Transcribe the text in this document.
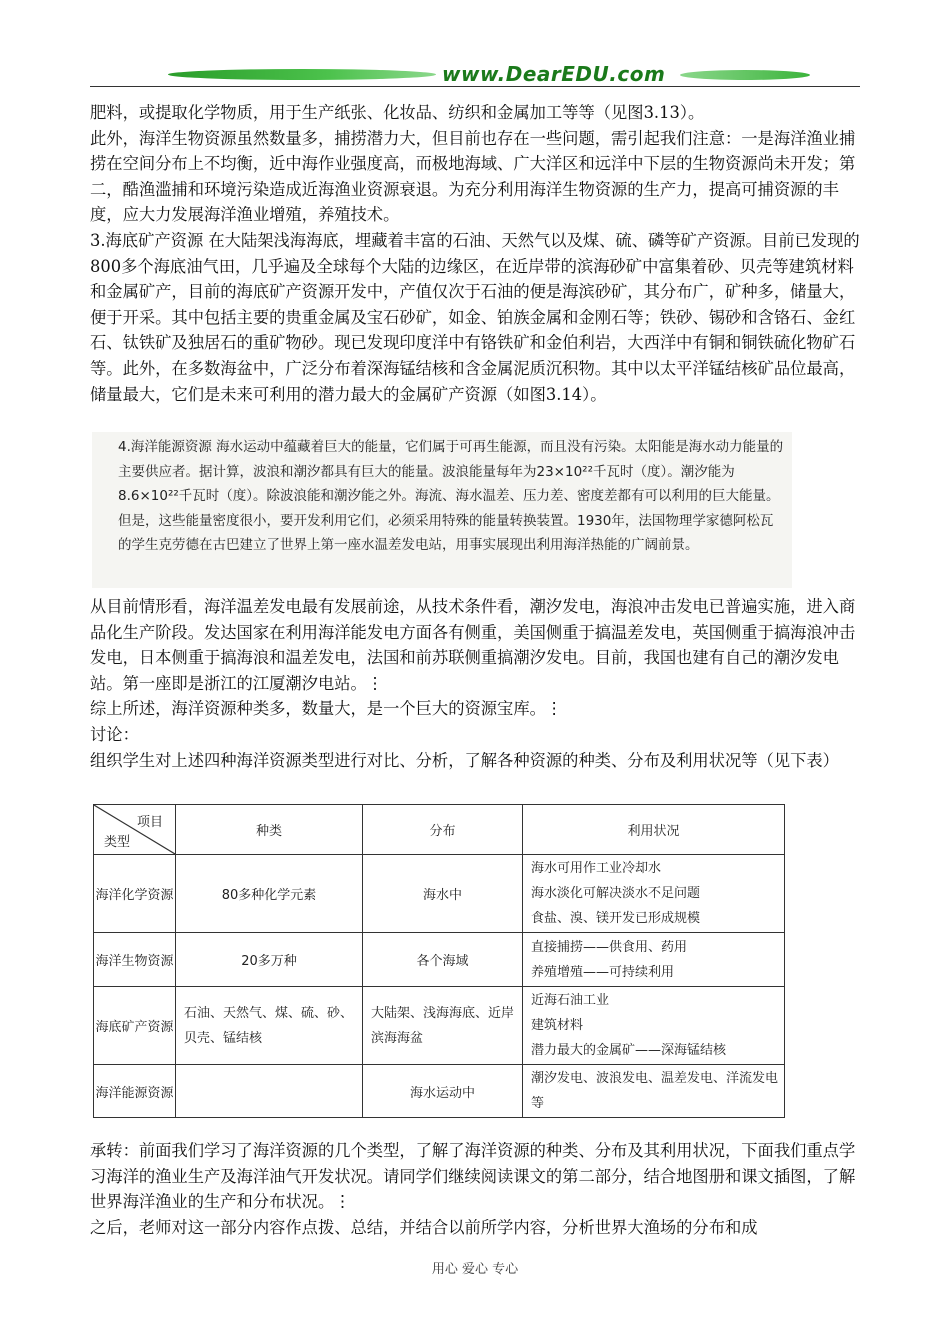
www.DearEDU.com

肥料，或提取化学物质，用于生产纸张、化妆品、纺织和金属加工等等（见图3.13）。

此外，海洋生物资源虽然数量多，捕捞潜力大，但目前也存在一些问题，需引起我们注意：一是海洋渔业捕捞在空间分布上不均衡，近中海作业强度高，而极地海域、广大洋区和远洋中下层的生物资源尚未开发；第二，酷渔滥捕和环境污染造成近海渔业资源衰退。为充分利用海洋生物资源的生产力，提高可捕资源的丰度，应大力发展海洋渔业增殖，养殖技术。

3.海底矿产资源 在大陆架浅海海底，埋藏着丰富的石油、天然气以及煤、硫、磷等矿产资源。目前已发现的800多个海底油气田，几乎遍及全球每个大陆的边缘区，在近岸带的滨海砂矿中富集着砂、贝壳等建筑材料和金属矿产，目前的海底矿产资源开发中，产值仅次于石油的便是海滨砂矿，其分布广，矿种多，储量大，便于开采。其中包括主要的贵重金属及宝石砂矿，如金、铂族金属和金刚石等；铁砂、锡砂和含铬石、金红石、钛铁矿及独居石的重矿物砂。现已发现印度洋中有铬铁矿和金伯利岩，大西洋中有铜和铜铁硫化物矿石等。此外，在多数海盆中，广泛分布着深海锰结核和含金属泥质沉积物。其中以太平洋锰结核矿品位最高，储量最大，它们是未来可利用的潜力最大的金属矿产资源（如图3.14）。

4.海洋能源资源 海水运动中蕴藏着巨大的能量，它们属于可再生能源，而且没有污染。太阳能是海水动力能量的主要供应者。据计算，波浪和潮汐都具有巨大的能量。波浪能量每年为23×10²²千瓦时（度）。潮汐能为8.6×10²²千瓦时（度）。除波浪能和潮汐能之外。海流、海水温差、压力差、密度差都有可以利用的巨大能量。但是，这些能量密度很小，要开发利用它们，必须采用特殊的能量转换装置。1930年，法国物理学家德阿松瓦的学生克劳德在古巴建立了世界上第一座水温差发电站，用事实展现出利用海洋热能的广阔前景。

从目前情形看，海洋温差发电最有发展前途，从技术条件看，潮汐发电，海浪冲击发电已普遍实施，进入商品化生产阶段。发达国家在利用海洋能发电方面各有侧重，美国侧重于搞温差发电，英国侧重于搞海浪冲击发电，日本侧重于搞海浪和温差发电，法国和前苏联侧重搞潮汐发电。目前，我国也建有自己的潮汐发电站。第一座即是浙江的江厦潮汐电站。⋮

综上所述，海洋资源种类多，数量大，是一个巨大的资源宝库。⋮

讨论：

组织学生对上述四种海洋资源类型进行对比、分析，了解各种资源的种类、分布及利用状况等（见下表）

项目
类型	种类	分布	利用状况
海洋化学资源	80多种化学元素	海水中	海水可用作工业冷却水
海水淡化可解决淡水不足问题
食盐、溴、镁开发已形成规模

海洋生物资源	20多万种	各个海域	直接捕捞——供食用、药用
养殖增殖——可持续利用

海底矿产资源	石油、天然气、煤、硫、砂、贝壳、锰结核	大陆架、浅海海底、近岸滨海海盆	近海石油工业
建筑材料
潜力最大的金属矿——深海锰结核

海洋能源资源		海水运动中	潮汐发电、波浪发电、温差发电、洋流发电等

承转：前面我们学习了海洋资源的几个类型，了解了海洋资源的种类、分布及其利用状况，下面我们重点学习海洋的渔业生产及海洋油气开发状况。请同学们继续阅读课文的第二部分，结合地图册和课文插图，了解世界海洋渔业的生产和分布状况。⋮

之后，老师对这一部分内容作点拨、总结，并结合以前所学内容，分析世界大渔场的分布和成

用心 爱心 专心
